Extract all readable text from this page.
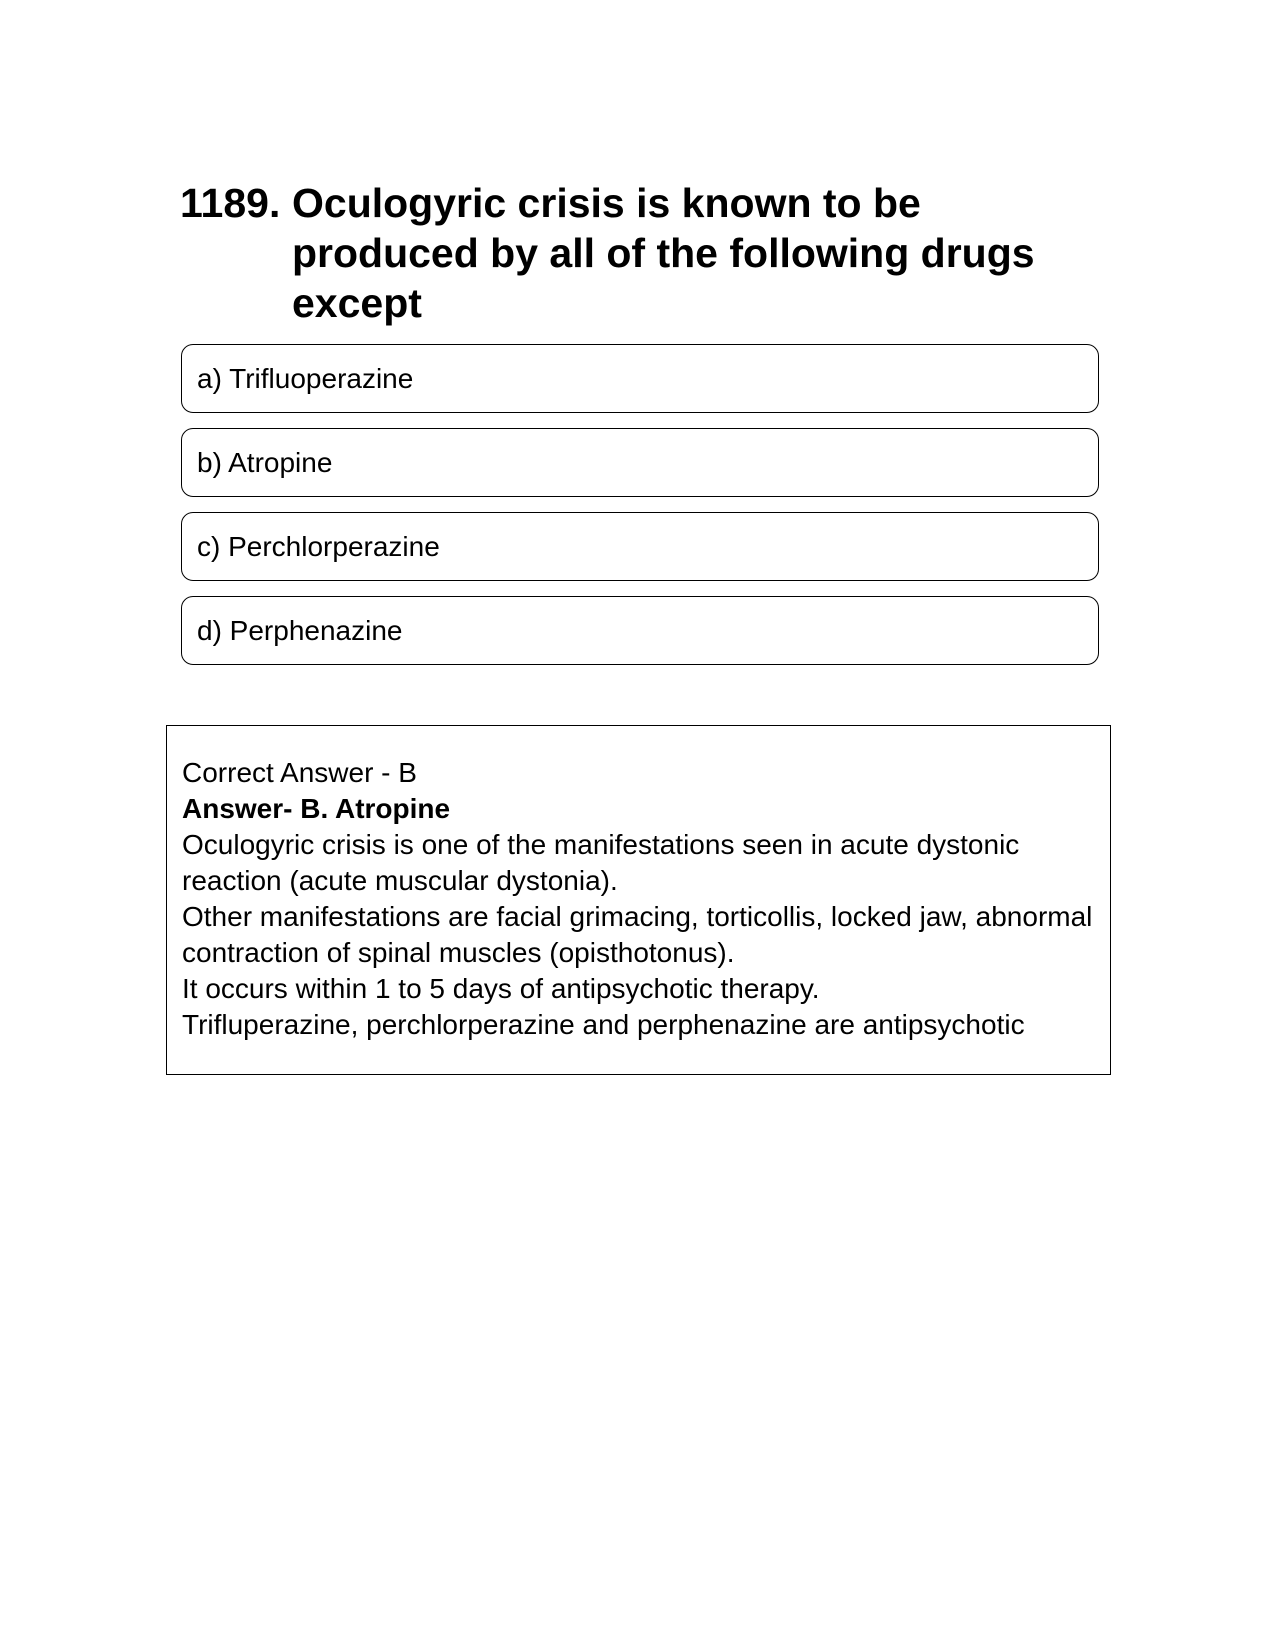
1189. Oculogyric crisis is known to be produced by all of the following drugs except
a) Trifluoperazine
b) Atropine
c) Perchlorperazine
d) Perphenazine

Correct Answer - B

Answer- B. Atropine

Oculogyric crisis is one of the manifestations seen in acute dystonic reaction (acute muscular dystonia).

Other manifestations are facial grimacing, torticollis, locked jaw, abnormal contraction of spinal muscles (opisthotonus).

It occurs within 1 to 5 days of antipsychotic therapy.

Trifluperazine, perchlorperazine and perphenazine are antipsychotic
